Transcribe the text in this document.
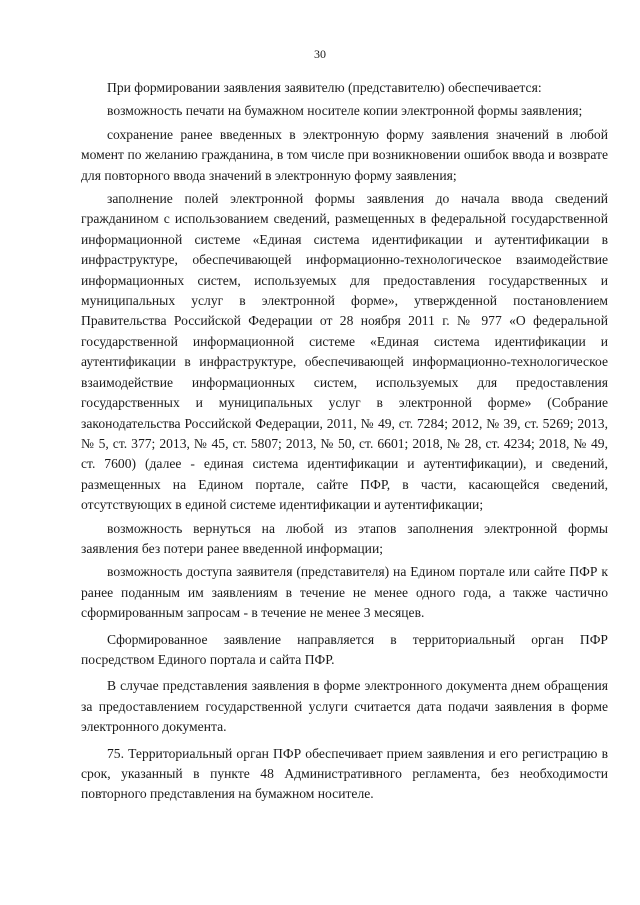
30

При формировании заявления заявителю (представителю) обеспечивается:

возможность печати на бумажном носителе копии электронной формы заявления;

сохранение ранее введенных в электронную форму заявления значений в любой момент по желанию гражданина, в том числе при возникновении ошибок ввода и возврате для повторного ввода значений в электронную форму заявления;

заполнение полей электронной формы заявления до начала ввода сведений гражданином с использованием сведений, размещенных в федеральной государственной информационной системе «Единая система идентификации и аутентификации в инфраструктуре, обеспечивающей информационно-технологическое взаимодействие информационных систем, используемых для предоставления государственных и муниципальных услуг в электронной форме», утвержденной постановлением Правительства Российской Федерации от 28 ноября 2011 г. № 977 «О федеральной государственной информационной системе «Единая система идентификации и аутентификации в инфраструктуре, обеспечивающей информационно-технологическое взаимодействие информационных систем, используемых для предоставления государственных и муниципальных услуг в электронной форме» (Собрание законодательства Российской Федерации, 2011, № 49, ст. 7284; 2012, № 39, ст. 5269; 2013, № 5, ст. 377; 2013, № 45, ст. 5807; 2013, № 50, ст. 6601; 2018, № 28, ст. 4234; 2018, № 49, ст. 7600) (далее - единая система идентификации и аутентификации), и сведений, размещенных на Едином портале, сайте ПФР, в части, касающейся сведений, отсутствующих в единой системе идентификации и аутентификации;

возможность вернуться на любой из этапов заполнения электронной формы заявления без потери ранее введенной информации;

возможность доступа заявителя (представителя) на Едином портале или сайте ПФР к ранее поданным им заявлениям в течение не менее одного года, а также частично сформированным запросам - в течение не менее 3 месяцев.

Сформированное заявление направляется в территориальный орган ПФР посредством Единого портала и сайта ПФР.

В случае представления заявления в форме электронного документа днем обращения за предоставлением государственной услуги считается дата подачи заявления в форме электронного документа.

75. Территориальный орган ПФР обеспечивает прием заявления и его регистрацию в срок, указанный в пункте 48 Административного регламента, без необходимости повторного представления на бумажном носителе.
